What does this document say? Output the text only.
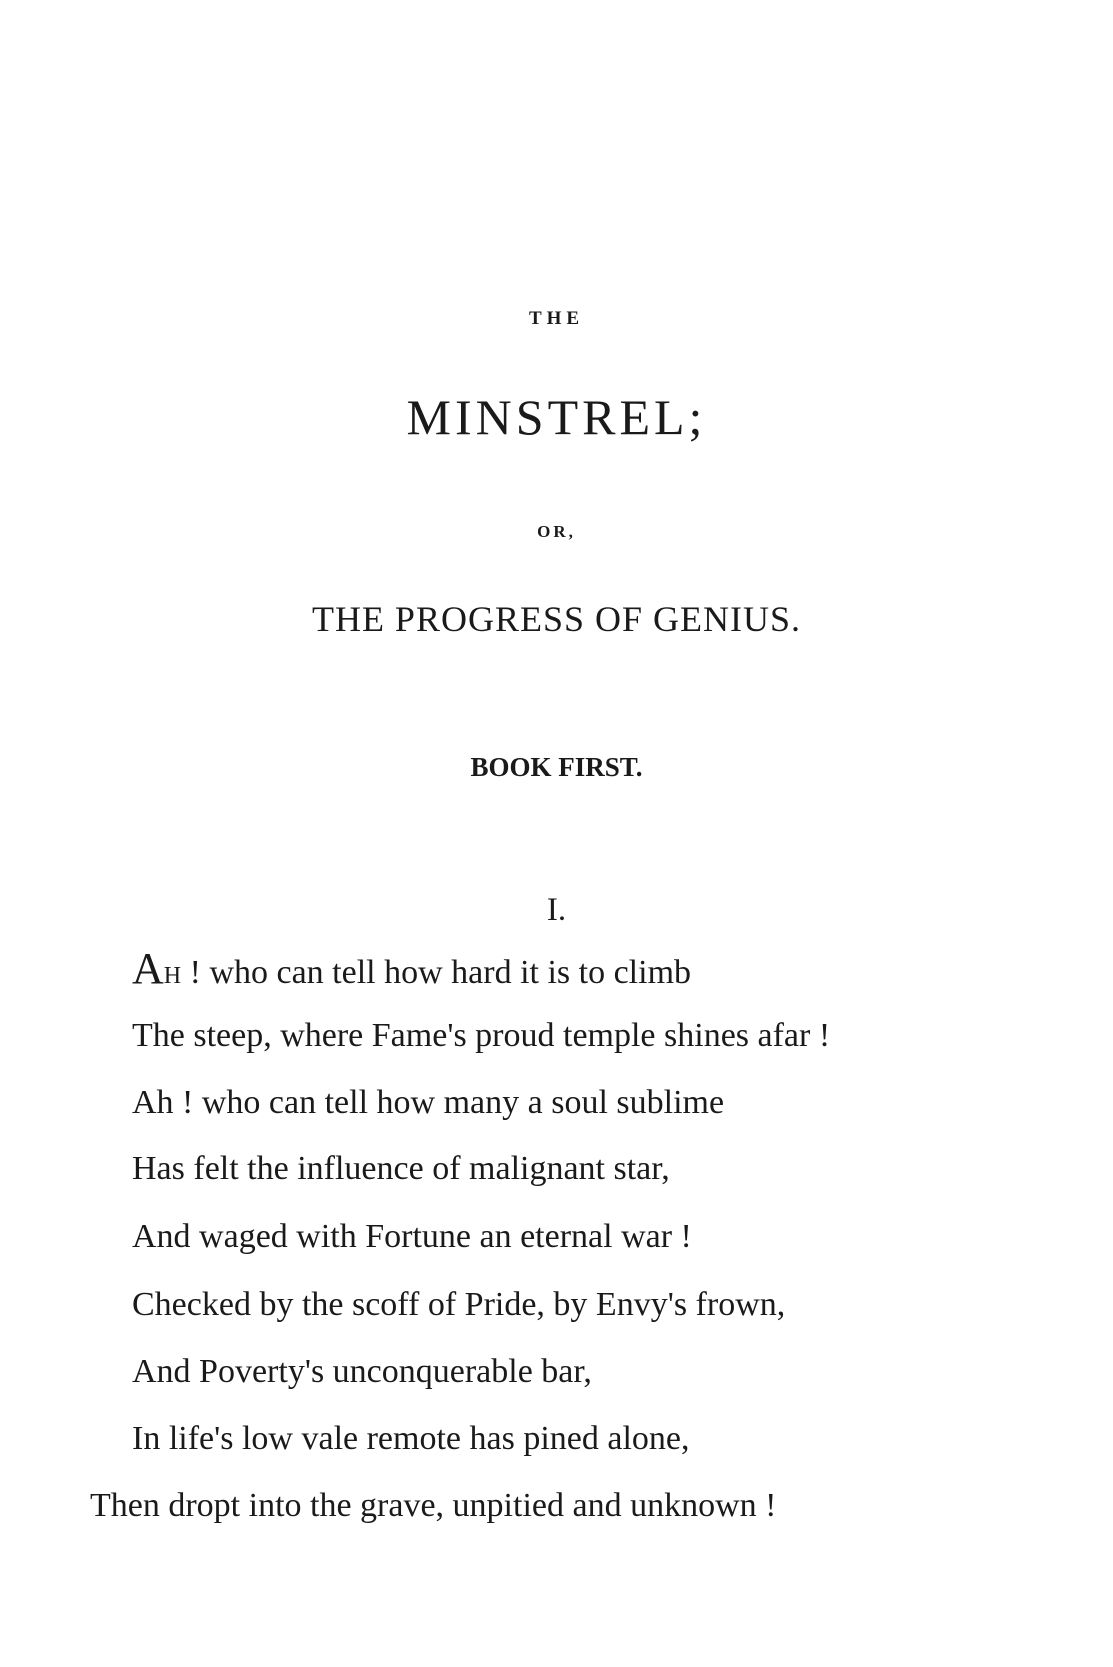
THE
MINSTREL;
OR,
THE PROGRESS OF GENIUS.
BOOK FIRST.
I.
AH ! who can tell how hard it is to climb
The steep, where Fame's proud temple shines afar !
Ah ! who can tell how many a soul sublime
Has felt the influence of malignant star,
And waged with Fortune an eternal war !
Checked by the scoff of Pride, by Envy's frown,
And Poverty's unconquerable bar,
In life's low vale remote has pined alone,
Then dropt into the grave, unpitied and unknown !
